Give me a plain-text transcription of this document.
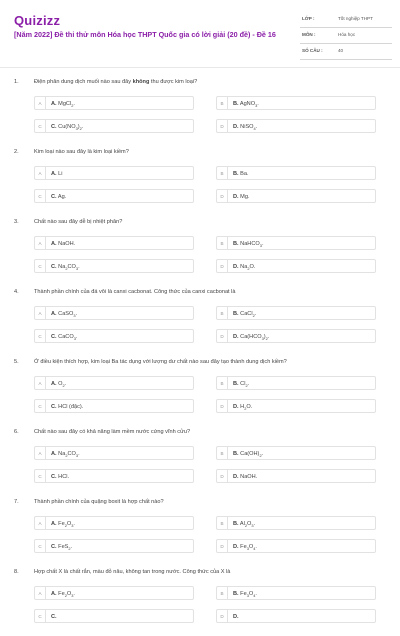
Quizizz
[Năm 2022] Đề thi thử môn Hóa học THPT Quốc gia có lời giải (20 đề) - Đề 16
LỚP :	Tốt nghiệp THPT
MÔN :	Hóa học
SỐ CÂU :	40
1.	Điện phân dung dịch muối nào sau đây không thu được kim loại?
A	A. MgCl$_2$.	B	B. AgNO$_3$.
C	C. $Cu(NO_3)_2$.	D	D. NiSO$_4$.
2.	Kim loại nào sau đây là kim loại kiềm?
A	A. Li	B	B. Ba.
C	C. Ag.	D	D. Mg.
3.	Chất nào sau đây dễ bị nhiệt phân?
A	A. NaOH.	B	B. NaHCO$_3$.
C	C. $Na_2CO_3$.	D	D. $Na_2O$.
4.	Thành phần chính của đá vôi là canxi cacbonat. Công thức của canxi cacbonat là
A	A. CaSO$_3$.	B	B. CaCl$_2$.
C	C. CaCO$_3$.	D	D. $Ca(HCO_3)_2$.
5.	Ở điều kiện thích hợp, kim loại Ba tác dụng với lượng dư chất nào sau đây tạo thành dung dịch kiềm?
A	A. $O_2$.	B	B. $Cl_2$.
C	C. HCl (đặc).	D	D. $H_2O$.
6.	Chất nào sau đây có khả năng làm mềm nước cứng vĩnh cửu?
A	A. $Na_2CO_3$.	B	B. $Ca(OH)_2$.
C	C. HCl.	D	D. NaOH.
7.	Thành phần chính của quặng boxit là hợp chất nào?
A	A. $Fe_2O_3$.	B	B. $Al_2O_3$.
C	C. FeS$_2$.	D	D. $Fe_3O_4$.
8.	Hợp chất X là chất rắn, màu đỏ nâu, không tan trong nước. Công thức của X là
A	A. $Fe_2O_3$.	B	B. $Fe_3O_4$.
C	C.	D	D.
